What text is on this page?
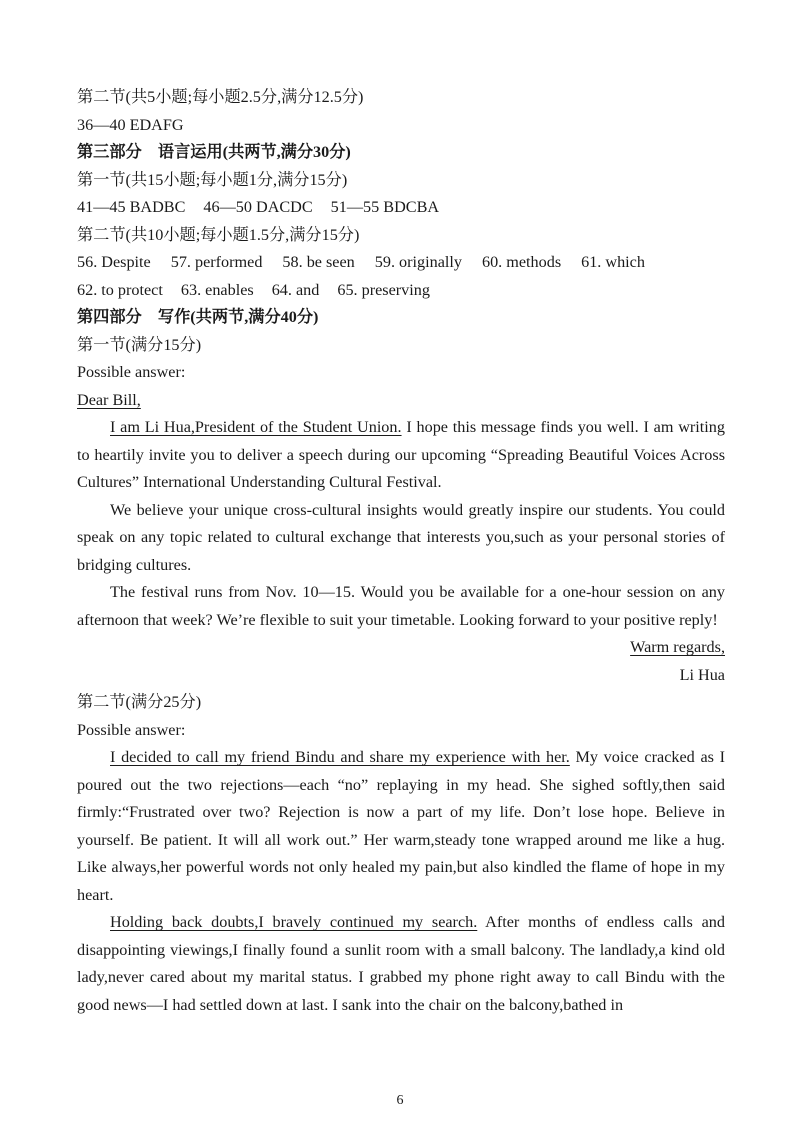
第二节(共5小题;每小题2.5分,满分12.5分)

36—40 EDAFG

第三部分　语言运用(共两节,满分30分)

第一节(共15小题;每小题1分,满分15分)

41—45 BADBC 46—50 DACDC 51—55 BDCBA

第二节(共10小题;每小题1.5分,满分15分)

56. Despite 57. performed 58. be seen 59. originally 60. methods 61. which

62. to protect 63. enables 64. and 65. preserving

第四部分　写作(共两节,满分40分)

第一节(满分15分)

Possible answer:

Dear Bill,

I am Li Hua,President of the Student Union. I hope this message finds you well. I am writing to heartily invite you to deliver a speech during our upcoming “Spreading Beautiful Voices Across Cultures” International Understanding Cultural Festival.

We believe your unique cross-cultural insights would greatly inspire our students. You could speak on any topic related to cultural exchange that interests you,such as your personal stories of bridging cultures.

The festival runs from Nov. 10—15. Would you be available for a one-hour session on any afternoon that week? We’re flexible to suit your timetable. Looking forward to your positive reply!

Warm regards,

Li Hua

第二节(满分25分)

Possible answer:

I decided to call my friend Bindu and share my experience with her. My voice cracked as I poured out the two rejections—each “no” replaying in my head. She sighed softly,then said firmly:“Frustrated over two? Rejection is now a part of my life. Don’t lose hope. Believe in yourself. Be patient. It will all work out.” Her warm,steady tone wrapped around me like a hug. Like always,her powerful words not only healed my pain,but also kindled the flame of hope in my heart.

Holding back doubts,I bravely continued my search. After months of endless calls and disappointing viewings,I finally found a sunlit room with a small balcony. The landlady,a kind old lady,never cared about my marital status. I grabbed my phone right away to call Bindu with the good news—I had settled down at last. I sank into the chair on the balcony,bathed in

6
